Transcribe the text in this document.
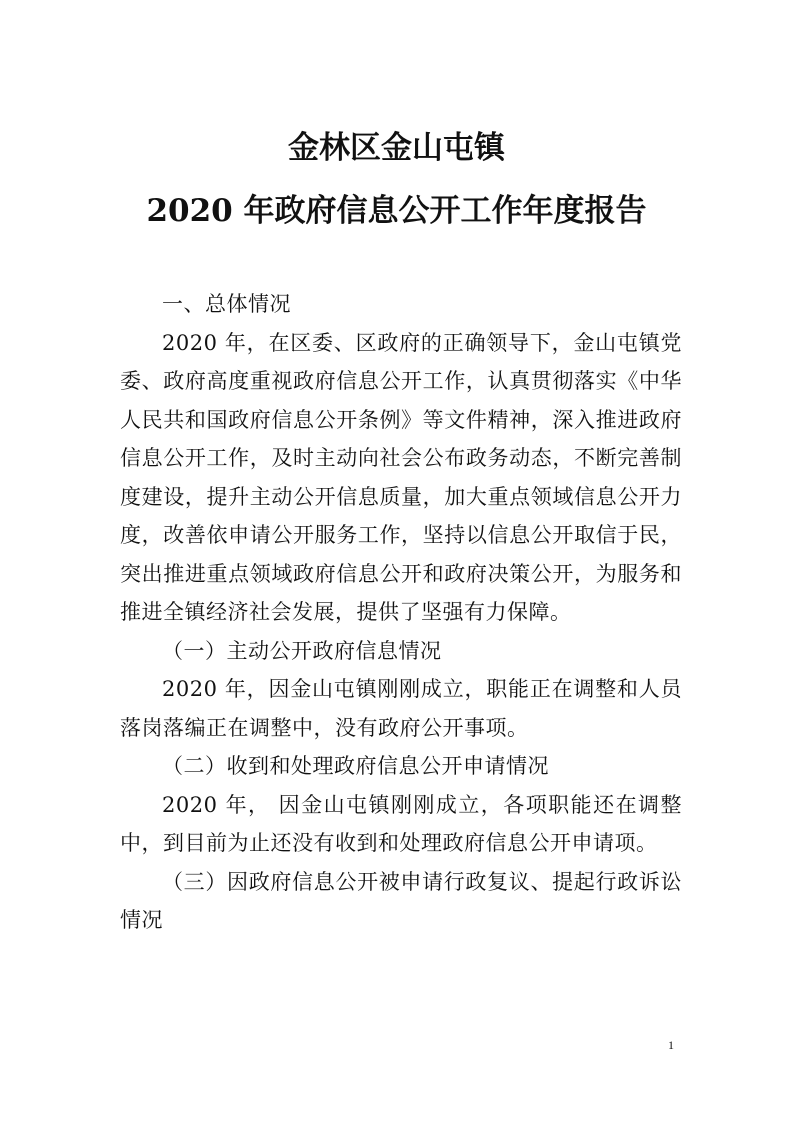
金林区金山屯镇
2020 年政府信息公开工作年度报告

一、总体情况

2020 年，在区委、区政府的正确领导下，金山屯镇党委、政府高度重视政府信息公开工作，认真贯彻落实《中华人民共和国政府信息公开条例》等文件精神，深入推进政府信息公开工作，及时主动向社会公布政务动态，不断完善制度建设，提升主动公开信息质量，加大重点领域信息公开力度，改善依申请公开服务工作，坚持以信息公开取信于民，突出推进重点领域政府信息公开和政府决策公开，为服务和推进全镇经济社会发展，提供了坚强有力保障。

（一）主动公开政府信息情况

2020 年，因金山屯镇刚刚成立，职能正在调整和人员落岗落编正在调整中，没有政府公开事项。

（二）收到和处理政府信息公开申请情况

2020 年， 因金山屯镇刚刚成立，各项职能还在调整中，到目前为止还没有收到和处理政府信息公开申请项。

（三）因政府信息公开被申请行政复议、提起行政诉讼情况

1
